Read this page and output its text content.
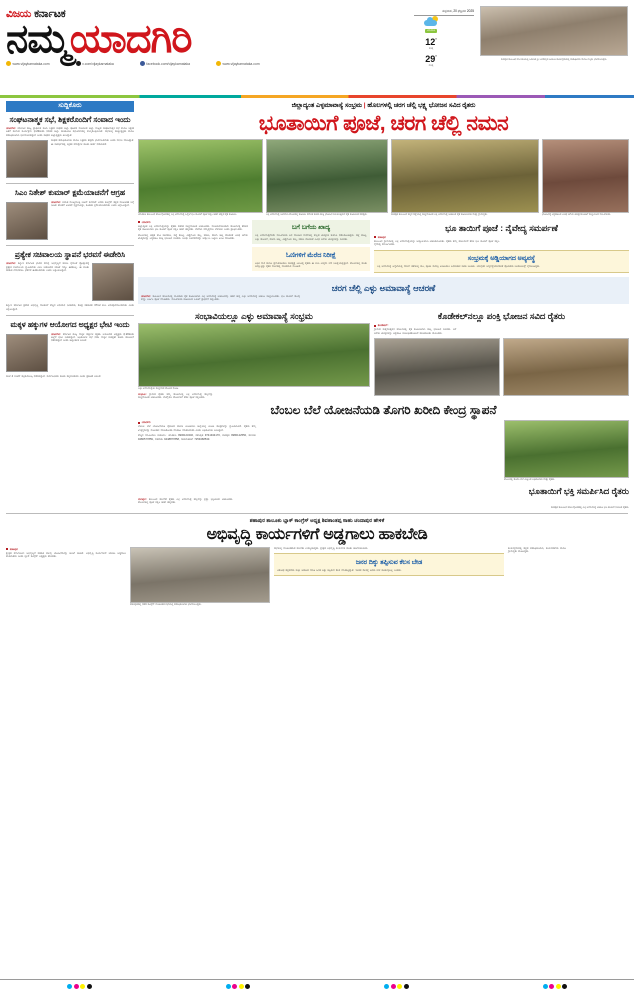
ವಿಜಯ ಕರ್ನಾಟಕ
ನಮ್ಮಯಾದಗಿರಿ
www.vijaykarnataka.com	x.com/vijaykarnataka	facebook.com/vijaykarnataka	www.vijaykarnataka.com
ಶುಕ್ರವಾರ, 20 ಫೆಬ್ರವರಿ 2025
ಯಾದಗಿರಿ
12°
ಕನಿಷ್ಠ
29°
ಗರಿಷ್ಠ
ಸುರಪುರ ತಾಲೂಕಿನ ಹುಣಸಗಿಯಲ್ಲಿ ಜರುಗಿದ ಶ್ರೀ ಬಸವೇಶ್ವರ ಜಯಂತಿ ಕಾರ್ಯಕ್ರಮದಲ್ಲಿ ಮಠಾಧೀಶರು ಹಾಗೂ ಗಣ್ಯರು ಭಾಗವಹಿಸಿದ್ದರು.
ಸುದ್ದಿಕೊರು
ಸಂಘಟನಾತ್ಮಕ ಸಭೆ, ಶಿಕ್ಷಕರೊಂದಿಗೆ ಸಂವಾದ ಇಂದು
ಯಾದಗಿರಿ: ಕರ್ನಾಟಕ ರಾಜ್ಯ ಪ್ರಾಥಮಿಕ ಶಾಲಾ ಶಿಕ್ಷಕರ ಸಂಘದ ಜಿಲ್ಲಾ ಘಟಕದ ವತಿಯಿಂದ ಜಿಲ್ಲಾ ಮಟ್ಟದ ಸಂಘಟನಾತ್ಮಕ ಸಭೆ ಹಾಗೂ ಶಿಕ್ಷಕರ ಜತೆಗೆ ಸಂವಾದ ಕಾರ್ಯಕ್ರಮ ಫೆ.20ರಂದು ನಗರದ ಜಿಲ್ಲಾ ಪಂಚಾಯಿತಿ ಸಭಾಂಗಣದಲ್ಲಿ ಹಮ್ಮಿಕೊಳ್ಳಲಾಗಿದೆ. ಸಭೆಯಲ್ಲಿ ರಾಜ್ಯಾಧ್ಯಕ್ಷರು ಹಾಗೂ ಪದಾಧಿಕಾರಿಗಳು ಭಾಗವಹಿಸಲಿದ್ದಾರೆ ಎಂದು ಸಂಘದ ಜಿಲ್ಲಾಧ್ಯಕ್ಷರು ತಿಳಿಸಿದ್ದಾರೆ.
ಸಂಘದ ಪದಾಧಿಕಾರಿಗಳು ಹಾಗೂ ಶಿಕ್ಷಕರು ತಪ್ಪದೇ ಭಾಗವಹಿಸಬೇಕು ಎಂದು ಮನವಿ ಮಾಡಿದ್ದಾರೆ. ಈ ಸಂದರ್ಭದಲ್ಲಿ ಶಿಕ್ಷಕರ ಸಮಸ್ಯೆಗಳ ಕುರಿತು ಚರ್ಚೆ ನಡೆಯಲಿದೆ.
ಸಿಎಂ ನಿತೇಶ್ ಕುಮಾರ್ ಕ್ಷಮೆಯಾಚನೆಗೆ ಆಗ್ರಹ
ಯಾದಗಿರಿ:
ಬಿಹಾರ ಮುಖ್ಯಮಂತ್ರಿ ನಿತೀಶ್ ಕುಮಾರ್ ಅವರು ಕಾಂಗ್ರೆಸ್ ಪಕ್ಷದ ಮುಖಂಡರ ಬಗ್ಗೆ ನೀಡಿದ ಹೇಳಿಕೆಗೆ ಖಂಡನೆ ವ್ಯಕ್ತವಾಗಿದ್ದು, ಕೂಡಲೇ ಕ್ಷಮೆಯಾಚಿಸಬೇಕು ಎಂದು ಆಗ್ರಹಿಸಿದ್ದಾರೆ.
ಪ್ರತ್ಯೇಕ ಸಚಿವಾಲಯ ಸ್ಥಾಪನೆ ಭರವಸೆ ಈಡೇರಿಸಿ
ಯಾದಗಿರಿ: ಕಲ್ಯಾಣ ಕರ್ನಾಟಕ ಭಾಗದ ಸಮಗ್ರ ಅಭಿವೃದ್ಧಿಗೆ ಹಾಗೂ ಕೈಗಾರಿಕೆ ಪ್ರೋತ್ಸಾಹಕ್ಕೆ ಪ್ರತ್ಯೇಕ ಸಚಿವಾಲಯ ಸ್ಥಾಪಿಸಬೇಕು ಎಂಬ ಬಹುದಿನದ ಬೇಡಿಕೆ ಇನ್ನೂ ಈಡೇರಿಲ್ಲ. ಈ ಕುರಿತು ಸರಕಾರ ಗಮನಹರಿಸಿ ಭರವಸೆ ಈಡೇರಿಸಬೇಕು ಎಂದು ಒತ್ತಾಯಿಸಿದ್ದಾರೆ.
ಕಲ್ಯಾಣ ಕರ್ನಾಟಕ ಪ್ರದೇಶ ಅಭಿವೃದ್ಧಿ ಮಂಡಳಿಗೆ ಹೆಚ್ಚಿನ ಅನುದಾನ ನೀಡಬೇಕು, ಕೇಂದ್ರ ಸರಕಾರದ 371ಜೆ ಕಲಂ ಅನುಷ್ಠಾನಗೊಳಿಸಬೇಕು ಎಂದು ಆಗ್ರಹಿಸಿದ್ದಾರೆ.
ಮಕ್ಕಳ ಹಕ್ಕುಗಳ ಆಯೋಗದ ಅಧ್ಯಕ್ಷರ ಭೇಟಿ ಇಂದು
ಯಾದಗಿರಿ: ಕರ್ನಾಟಕ ರಾಜ್ಯ ಮಕ್ಕಳ ಹಕ್ಕುಗಳ ರಕ್ಷಣಾ ಆಯೋಗದ ಅಧ್ಯಕ್ಷರು ಫೆ.20ರಂದು ಜಿಲ್ಲೆಗೆ ಭೇಟಿ ನೀಡಲಿದ್ದಾರೆ. ಅಧಿಕಾರಿಗಳ ಸಭೆ ನಡೆಸಿ ಮಕ್ಕಳ ಸಂರಕ್ಷಣೆ ಕುರಿತು ಪರಿಶೀಲನೆ ನಡೆಸಲಿದ್ದಾರೆ ಎಂದು ಜಿಲ್ಲಾಡಳಿತ ತಿಳಿಸಿದೆ.
ಸಂಜೆ 4 ಗಂಟೆಗೆ ಪತ್ರಿಕಾಗೋಷ್ಠಿ ನಡೆಸಲಿದ್ದಾರೆ. ಸಾರ್ವಜನಿಕರು ದೂರು ಸಲ್ಲಿಸಬಹುದು ಎಂದು ಪ್ರಕಟಣೆ ತಿಳಿಸಿದೆ.
ಜಿಲ್ಲಾದ್ಯಂತ ಎಳ್ಳಮಾವಾಸ್ಯೆ ಸಂಭ್ರಮ | ಹೊಲಗಳಲ್ಲಿ ಚರಗ ಚೆಲ್ಲಿ ಭಕ್ಷ್ಯ ಭೋಜನ ಸವಿದ ರೈತರು
ಭೂತಾಯಿಗೆ ಪೂಜೆ, ಚರಗ ಚೆಲ್ಲಿ ನಮನ
ಯಾದಗಿರಿ ತಾಲೂಕಿನ ಹೊಲವೊಂದರಲ್ಲಿ ಎಳ್ಳ ಅಮಾವಾಸ್ಯೆ ಹಿನ್ನೆಲೆ ಭೂ ತಾಯಿಗೆ ಪೂಜೆ ಸಲ್ಲಿಸಿ ಚರಗ ಚೆಲ್ಲಿದ ರೈತ ಕುಟುಂಬ.	ಎಳ್ಳ ಅಮಾವಾಸ್ಯೆ ಅಂಗವಾಗಿ ಹೊಲದಲ್ಲಿ ಕುಟುಂಬ ಸಮೇತ ಕುಳಿತು ಪಂಕ್ತಿ ಭೋಜನ ಸವಿಯುತ್ತಿರುವ ರೈತ ಕುಟುಂಬದ ಸದಸ್ಯರು.	ಸುರಪುರ ತಾಲೂಕಿನ ಕಬ್ಬಿನ ಗದ್ದೆಯಲ್ಲಿ ಸಂಭ್ರಮದಿಂದ ಎಳ್ಳ ಅಮಾವಾಸ್ಯೆ ಆಚರಿಸಿದ ರೈತ ಕುಟುಂಬಗಳು ಮತ್ತು ಗ್ರಾಮಸ್ಥರು.	ಭೋಜನಕ್ಕೆ ಸಿದ್ಧಪಡಿಸಿದ ವಿವಿಧ ಬಗೆಯ ಖಾದ್ಯಗಳೊಂದಿಗೆ ಸಂಭ್ರಮಿಸಿದ ಮಹಿಳೆಯರು.
ಯಾದಗಿರಿ
ಜಿಲ್ಲಾದ್ಯಂತ ಎಳ್ಳ ಅಮಾವಾಸ್ಯೆಯನ್ನು ರೈತರು ಸಡಗರ ಸಂಭ್ರಮದಿಂದ ಆಚರಿಸಿದರು. ಮುಂಜಾನೆಯಿಂದಲೇ ಹೊಲಗಳತ್ತ ತೆರಳಿದ ರೈತ ಕುಟುಂಬಗಳು ಭೂ ತಾಯಿಗೆ ಪೂಜೆ ಸಲ್ಲಿಸಿ ಚರಗ ಚೆಲ್ಲಿದರು. ಬೆಳೆಗಳು ಸಮೃದ್ಧವಾಗಿ ಬೆಳೆಯಲಿ ಎಂದು ಪ್ರಾರ್ಥಿಸಿದರು.
ಹೊಲಗಳಲ್ಲಿ ಚಪ್ಪರ ಹಾಕಿ ಕರಿಗಡಬು, ಸಜ್ಜೆ ರೊಟ್ಟಿ, ಎಣ್ಣೆಗಾಯಿ ಪಲ್ಯ, ಕಡಬು, ಶೇಂಗಾ ಚಟ್ನಿ ಸೇರಿದಂತೆ ವಿವಿಧ ಬಗೆಯ ಖಾದ್ಯಗಳನ್ನು ಸಿದ್ಧಪಡಿಸಿ ಪಂಕ್ತಿ ಭೋಜನ ಸವಿದರು. ಬಂಧು ಬಳಗದವರನ್ನು ಆಹ್ವಾನಿಸಿ ಒಟ್ಟಾಗಿ ಊಟ ಮಾಡಿದರು.
ಬಗೆ ಬಗೆಯ ಖಾದ್ಯ
ಎಳ್ಳ ಅಮಾವಾಸ್ಯೆಗೆಂದೇ ಮಹಿಳೆಯರು ದಿನ ಮುಂಚಿತ ಮನೆಗಳಲ್ಲಿ ಹಬ್ಬದ ಖಾದ್ಯಗಳ ತಯಾರಿ ನಡೆಸಿಕೊಂಡಿದ್ದರು. ಸಜ್ಜೆ ರೊಟ್ಟಿ, ಎಳ್ಳು ಹೋಳಿಗೆ, ಶೇಂಗಾ ಚಟ್ನಿ, ಎಣ್ಣೆಗಾಯಿ ಪಲ್ಯ, ಕಡಬು ಸೇರಿದಂತೆ ವಿವಿಧ ಬಗೆಯ ಖಾದ್ಯಗಳನ್ನು ಸವಿದರು.
ಓಣಿಗಳಿಗೆ ಮೆರೆದ ನಿರೀಕ್ಷೆ
ಅಧಿಕ ಮಳೆ ಹಾಗೂ ಪ್ರವಾಹದಿಂದಾಗಿ ಸಂಕಷ್ಟಕ್ಕೆ ಸಿಲುಕಿದ್ದ ರೈತರು ಈ ಬಾರಿ ಉತ್ತಮ ಬೆಳೆ ನಿರೀಕ್ಷೆಯಲ್ಲಿದ್ದಾರೆ. ಹೊಲಗಳಲ್ಲಿ ಹಸಿರು ಚಿಮ್ಮುತ್ತಿದ್ದು ರೈತರ ಮೊಗದಲ್ಲಿ ಮಂದಹಾಸ ಮೂಡಿದೆ.
ಭೂ ತಾಯಿಗೆ ಪೂಜೆ : ನೈವೇದ್ಯ ಸಮರ್ಪಣೆ
ಶಹಾಪುರ
ತಾಲೂಕಿನ ಗ್ರಾಮಗಳಲ್ಲಿ ಎಳ್ಳ ಅಮಾವಾಸ್ಯೆಯನ್ನು ಅದ್ಧೂರಿಯಾಗಿ ಆಚರಿಸಲಾಯಿತು. ರೈತರು ತಮ್ಮ ಹೊಲಗಳಿಗೆ ತೆರಳಿ ಭೂ ತಾಯಿಗೆ ಪೂಜೆ ಸಲ್ಲಿಸಿ ನೈವೇದ್ಯ ಸಮರ್ಪಿಸಿದರು.
ಸಂಭ್ರಮಕ್ಕೆ ಅಡ್ಡಿಯಾಗದ ಅವ್ಯವಸ್ಥೆ
ಎಳ್ಳ ಅಮಾವಾಸ್ಯೆ ಹಿನ್ನೆಲೆಯಲ್ಲಿ ಮಾರ್ಗ ಕಡೆಯಲ್ಲಿ ಹೂ, ಪೂಜಾ ಸಾಮಗ್ರಿ ಖರೀದಿಸಲು ಜನಸಂದಣಿ ಕಂಡು ಬಂದಿತು. ಯಾವುದೇ ಅವ್ಯವಸ್ಥೆಯಾಗದಂತೆ ಪೊಲೀಸರು ಬಂದೋಬಸ್ತ್ ಕೈಗೊಂಡಿದ್ದರು.
ಚರಗ ಚೆಲ್ಲಿ ಎಳ್ಳು ಅಮಾವಾಸ್ಯೆ ಆಚರಣೆ
ಯಾದಗಿರಿ: ತಾಲೂಕಿನ ಹೊಲಗಳಲ್ಲಿ ಸಾವಿರಾರು ರೈತ ಕುಟುಂಬಗಳು ಎಳ್ಳ ಅಮಾವಾಸ್ಯೆ ಆಚರಿಸಿದವು. ಚರಗ ಚೆಲ್ಲಿ ಎಳ್ಳು ಅಮಾವಾಸ್ಯೆ ಆಚರಿಸಿ ಸಂಭ್ರಮಿಸಿದರು. ಭೂ ತಾಯಿಗೆ ಹೂವು ಹಣ್ಣು ಅರ್ಪಿಸಿ ಪೂಜೆ ಮಾಡಿದರು. ಮಹಿಳೆಯರು ಕುಟುಂಬದ ಒಳಿತಿಗೆ ಪ್ರಾರ್ಥನೆ ಸಲ್ಲಿಸಿದರು.
ಸಂಭಾವಿಯಲ್ಲೂ ಎಳ್ಳು ಅಮಾವಾಸ್ಯೆ ಸಂಭ್ರಮ
ಎಳ್ಳು ಅಮಾವಾಸ್ಯೆಯ ಸಂಭ್ರಮದ ಹೊಲದ ನೋಟ
ಸಂಭಾವಿ: ಗ್ರಾಮದ ರೈತರು ತಮ್ಮ ಹೊಲಗಳಲ್ಲಿ ಎಳ್ಳ ಅಮಾವಾಸ್ಯೆ ಹಬ್ಬವನ್ನು ಸಂಭ್ರಮದಿಂದ ಆಚರಿಸಿದರು. ಬೆಳಗ್ಗೆಯೇ ಹೊಲಗಳಿಗೆ ತೆರಳಿ ಪೂಜೆ ಸಲ್ಲಿಸಿದರು.
ಕೊಡೇಕಲ್‌ನಲ್ಲೂ ಪಂಕ್ತಿ ಭೋಜನ ಸವಿದ ರೈತರು
ಕೊಡೇಕಲ್:
ಗ್ರಾಮದ ಸುತ್ತಮುತ್ತಲಿನ ಹೊಲಗಳಲ್ಲಿ ರೈತ ಕುಟುಂಬಗಳು ಪಂಕ್ತಿ ಭೋಜನ ಸವಿದರು. ಬಗೆ ಬಗೆಯ ಖಾದ್ಯಗಳನ್ನು ಸಿದ್ಧಪಡಿಸಿ ಸಂಬಂಧಿಕರೊಂದಿಗೆ ಹಂಚಿಕೊಂಡು ಸೇವಿಸಿದರು.
ಬೆಂಬಲ ಬೆಲೆ ಯೋಜನೆಯಡಿ ತೊಗರಿ ಖರೀದಿ ಕೇಂದ್ರ ಸ್ಥಾಪನೆ
ಯಾದಗಿರಿ
ಬೆಂಬಲ ಬೆಲೆ ಯೋಜನೆಯಡಿ ರೈತರಿಂದ ತೊಗರಿ ಖರೀದಿಸಲು ಜಿಲ್ಲೆಯಲ್ಲಿ ಖರೀದಿ ಕೇಂದ್ರಗಳನ್ನು ಸ್ಥಾಪಿಸಲಾಗಿದೆ. ರೈತರು ತಮ್ಮ ಉತ್ಪನ್ನಗಳನ್ನು ನೋಂದಣಿ ಮಾಡಿಕೊಂಡು ಮಾರಾಟ ಮಾಡಬಹುದು ಎಂದು ಅಧಿಕಾರಿಗಳು ತಿಳಿಸಿದ್ದಾರೆ.
ಹೆಚ್ಚಿನ ಮಾಹಿತಿಗಾಗಿ ಸಂಪರ್ಕಿಸಿ: ಯಾದಗಿರಿ 9900123446, ಶಹಾಪುರ 9741944170, ಸುರಪುರ 9980122550, ಹುಣಸಗಿ 9480577859, ವಡಗೇರಾ 9448877858, ಗುರುಮಠಕಲ್ 7259468533.
ಹೊಲದಲ್ಲಿ ತೊಗರಿ ಬೆಳೆ ವೀಕ್ಷಿಸಿದ ಅಧಿಕಾರಿಗಳು ಮತ್ತು ರೈತರು.
ಭೂತಾಯಿಗೆ ಭಕ್ತಿ ಸಮರ್ಪಿಸಿದ ರೈತರು
ಸುರಪುರ: ತಾಲೂಕಿನ ಹಲವೆಡೆ ರೈತರು ಎಳ್ಳ ಅಮಾವಾಸ್ಯೆ ಹಬ್ಬವನ್ನು ಶ್ರದ್ಧಾ ಭಕ್ತಿಯಿಂದ ಆಚರಿಸಿದರು. ಹೊಲಗಳಲ್ಲಿ ಪೂಜೆ ಸಲ್ಲಿಸಿ ಚರಗ ಚೆಲ್ಲಿದರು.
ಸುರಪುರ ತಾಲೂಕಿನ ಹೊಲವೊಂದರಲ್ಲಿ ಎಳ್ಳ ಅಮಾವಾಸ್ಯೆ ಆಚರಿಸಿ ಭೂ ತಾಯಿಗೆ ನಮಿಸಿದ ರೈತರು.
ಶಹಾಪುರ ತಾಲೂಕು ಬ್ಲಾಕ್ ಕಾಂಗ್ರೆಸ್ ಅಧ್ಯಕ್ಷ ಶಿವಶಾಂತಪ್ಪ ಸಾಹು ಚಂದಾಪುರ ಹೇಳಿಕೆ
ಅಭಿವೃದ್ಧಿ ಕಾರ್ಯಗಳಿಗೆ ಅಡ್ಡಗಾಲು ಹಾಕಬೇಡಿ
ಶಹಾಪುರ
ಕ್ಷೇತ್ರದ ಸರ್ವಾಂಗೀಣ ಅಭಿವೃದ್ಧಿಗೆ ಸರಕಾರ ಹಲವು ಯೋಜನೆಗಳನ್ನು ಜಾರಿಗೆ ತಂದಿದೆ. ಅಭಿವೃದ್ಧಿ ಕಾರ್ಯಗಳಿಗೆ ಯಾರೂ ಅಡ್ಡಗಾಲು ಹಾಕಬಾರದು ಎಂದು ಬ್ಲಾಕ್ ಕಾಂಗ್ರೆಸ್ ಅಧ್ಯಕ್ಷರು ಹೇಳಿದರು.
ಶಹಾಪುರದಲ್ಲಿ ನಡೆದ ಕಾಂಗ್ರೆಸ್ ಮುಖಂಡರ ಸಭೆಯಲ್ಲಿ ಪದಾಧಿಕಾರಿಗಳು ಭಾಗವಹಿಸಿದ್ದರು.
ಸಭೆಯಲ್ಲಿ ಮುಖಂಡರಾದ ಹಲವರು ಉಪಸ್ಥಿತರಿದ್ದರು. ಕ್ಷೇತ್ರದ ಅಭಿವೃದ್ಧಿ ಕಾರ್ಯಗಳ ಕುರಿತು ಚರ್ಚಿಸಲಾಯಿತು.
ಜನರ ದಿಕ್ಕು ತಪ್ಪಿಸುವ ಕೆಲಸ ಬೇಡ
ವಿರೋಧ ಪಕ್ಷದವರು ಸುಳ್ಳು ಆರೋಪ ಮಾಡಿ ಜನರ ದಿಕ್ಕು ತಪ್ಪಿಸುವ ಕೆಲಸ ಮಾಡುತ್ತಿದ್ದಾರೆ. ಇಂತಹ ಕೆಲಸಕ್ಕೆ ಜನರು ಬೆಲೆ ಕೊಡುವುದಿಲ್ಲ ಎಂದರು.
ಕಾರ್ಯಕ್ರಮದಲ್ಲಿ ಪಕ್ಷದ ಪದಾಧಿಕಾರಿಗಳು, ಕಾರ್ಯಕರ್ತರು ಹಾಗೂ ಗ್ರಾಮಸ್ಥರು ಹಾಜರಿದ್ದರು.
